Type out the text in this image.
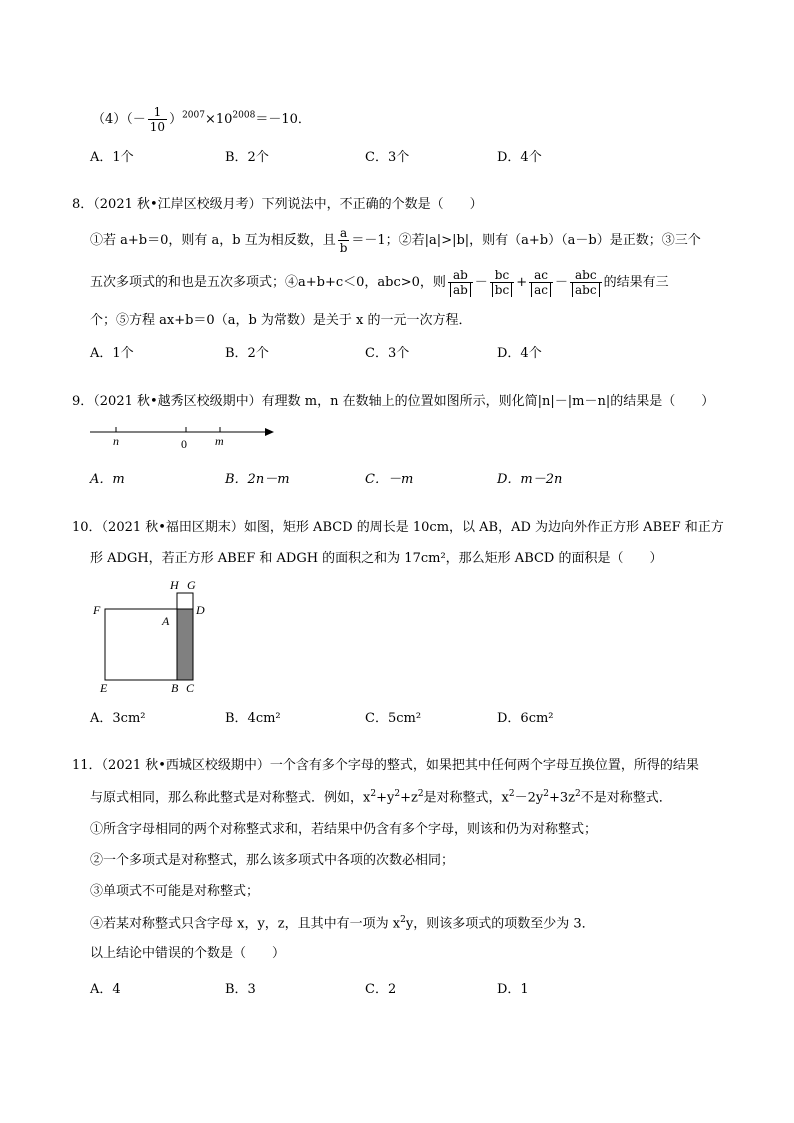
$(4)(- \frac{1}{10} )^{2007}\times 10^{2008}=-10$．
A．1个	B．2个	C．3个	D．4个
8．（2021 秋•江岸区校级月考）下列说法中，不正确的个数是（　　）
①若 a+b＝0，则有 a，b 互为相反数，且 $\frac{a}{b} =-1$；②若|a|>|b|，则有（a+b）（a－b）是正数；③三个
五次多项式的和也是五次多项式；④a+b+c＜0，abc>0，则 $\frac{ab}{ab} - \frac{bc}{bc} + \frac{ac}{ac} - \frac{\text{abc}}{\text{abc}}$ 的结果有三
个；⑤方程 ax+b＝0（a，b 为常数）是关于 x 的一元一次方程．
A．1个	B．2个	C．3个	D．4个
9．（2021 秋•越秀区校级期中）有理数 m，n 在数轴上的位置如图所示，则化简|n|－|m－n|的结果是（　　）
n	0 m
A．m	B．2n－m	C．－m	D．m－2n
10．（2021 秋•福田区期末）如图，矩形 ABCD 的周长是 10cm，以 AB，AD 为边向外作正方形 ABEF 和正方
形 ADGH，若正方形 ABEF 和 ADGH 的面积之和为 17cm²，那么矩形 ABCD 的面积是（　　）
H G
F
A
D
E	B C
A．3cm²	B．4cm²	C．5cm²	D．6cm²
11．（2021 秋•西城区校级期中）一个含有多个字母的整式，如果把其中任何两个字母互换位置，所得的结果
与原式相同，那么称此整式是对称整式．例如，$x^2+y^2+z^2$是对称整式，$x^2-2y^2+3z^2$不是对称整式．
①所含字母相同的两个对称整式求和，若结果中仍含有多个字母，则该和仍为对称整式；
②一个多项式是对称整式，那么该多项式中各项的次数必相同；
③单项式不可能是对称整式；
④若某对称整式只含字母 x，y，z，且其中有一项为 $x^2y$，则该多项式的项数至少为 3．
以上结论中错误的个数是（　　）
A．4	B．3	C．2	D．1
